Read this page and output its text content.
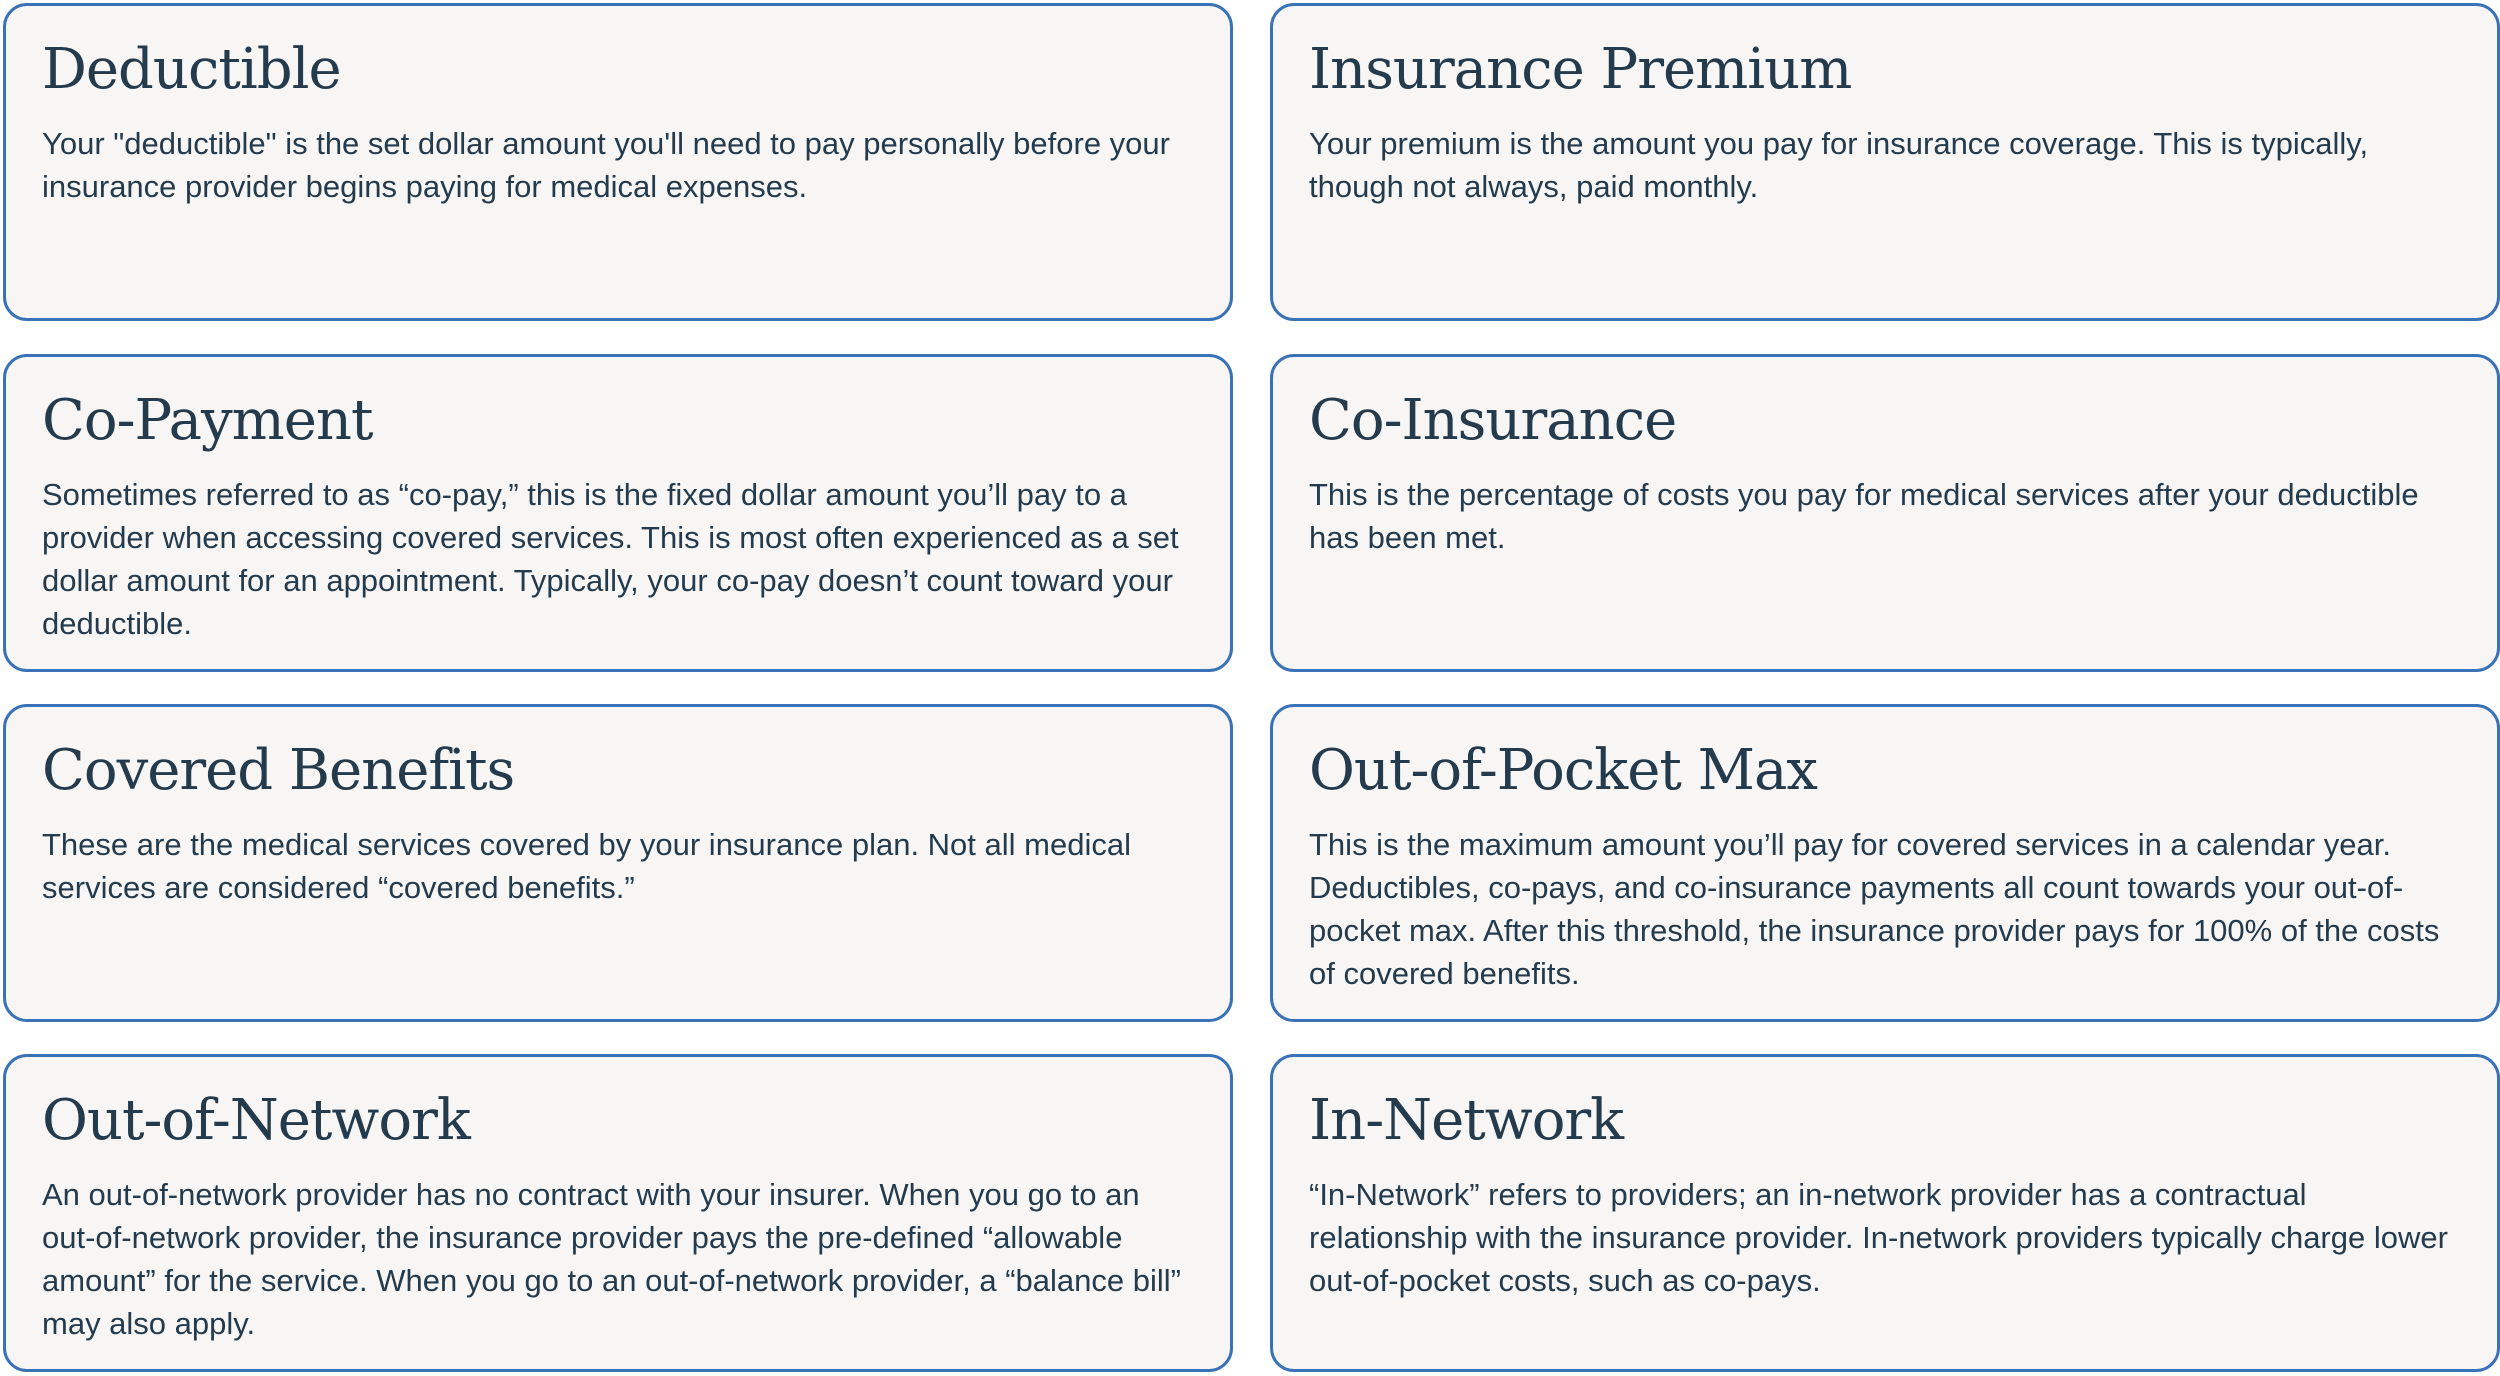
Deductible

Your "deductible" is the set dollar amount you'll need to pay personally before your insurance provider begins paying for medical expenses.

Insurance Premium

Your premium is the amount you pay for insurance coverage. This is typically, though not always, paid monthly.

Co-Payment

Sometimes referred to as “co-pay,” this is the fixed dollar amount you’ll pay to a provider when accessing covered services. This is most often experienced as a set dollar amount for an appointment. Typically, your co-pay doesn’t count toward your deductible.

Co-Insurance

This is the percentage of costs you pay for medical services after your deductible has been met.

Covered Benefits

These are the medical services covered by your insurance plan. Not all medical services are considered “covered benefits.”

Out-of-Pocket Max

This is the maximum amount you’ll pay for covered services in a calendar year. Deductibles, co-pays, and co-insurance payments all count towards your out-of-pocket max. After this threshold, the insurance provider pays for 100% of the costs of covered benefits.

Out-of-Network

An out-of-network provider has no contract with your insurer. When you go to an out-of-network provider, the insurance provider pays the pre-defined “allowable amount” for the service. When you go to an out-of-network provider, a “balance bill” may also apply.

In-Network

“In-Network” refers to providers; an in-network provider has a contractual relationship with the insurance provider. In-network providers typically charge lower out-of-pocket costs, such as co-pays.
